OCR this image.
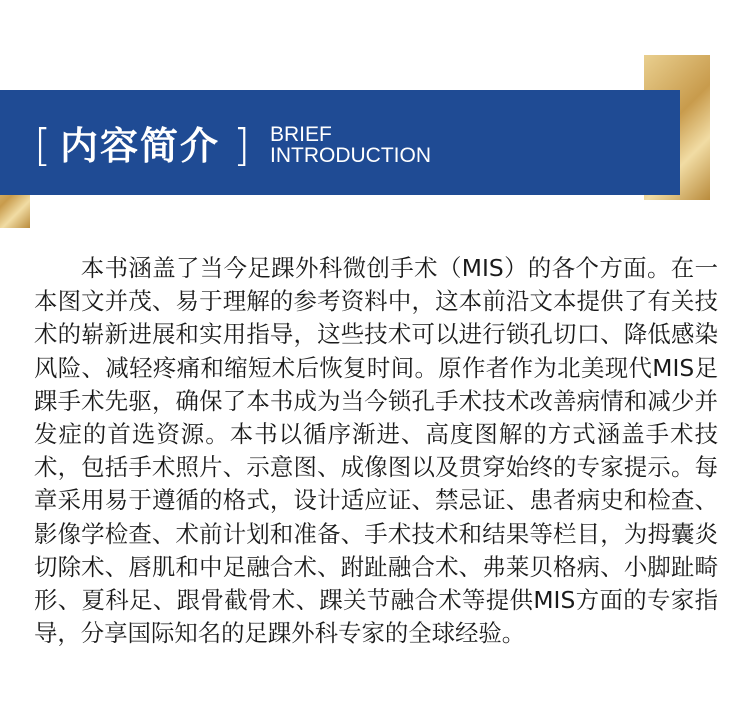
[ 内容简介 ] BRIEF
INTRODUCTION

本书涵盖了当今足踝外科微创手术（MIS）的各个方面。在一本图文并茂、易于理解的参考资料中，这本前沿文本提供了有关技术的崭新进展和实用指导，这些技术可以进行锁孔切口、降低感染风险、减轻疼痛和缩短术后恢复时间。原作者作为北美现代MIS足踝手术先驱，确保了本书成为当今锁孔手术技术改善病情和减少并发症的首选资源。本书以循序渐进、高度图解的方式涵盖手术技术，包括手术照片、示意图、成像图以及贯穿始终的专家提示。每章采用易于遵循的格式，设计适应证、禁忌证、患者病史和检查、影像学检查、术前计划和准备、手术技术和结果等栏目，为拇囊炎切除术、唇肌和中足融合术、跗趾融合术、弗莱贝格病、小脚趾畸形、夏科足、跟骨截骨术、踝关节融合术等提供MIS方面的专家指导，分享国际知名的足踝外科专家的全球经验。
